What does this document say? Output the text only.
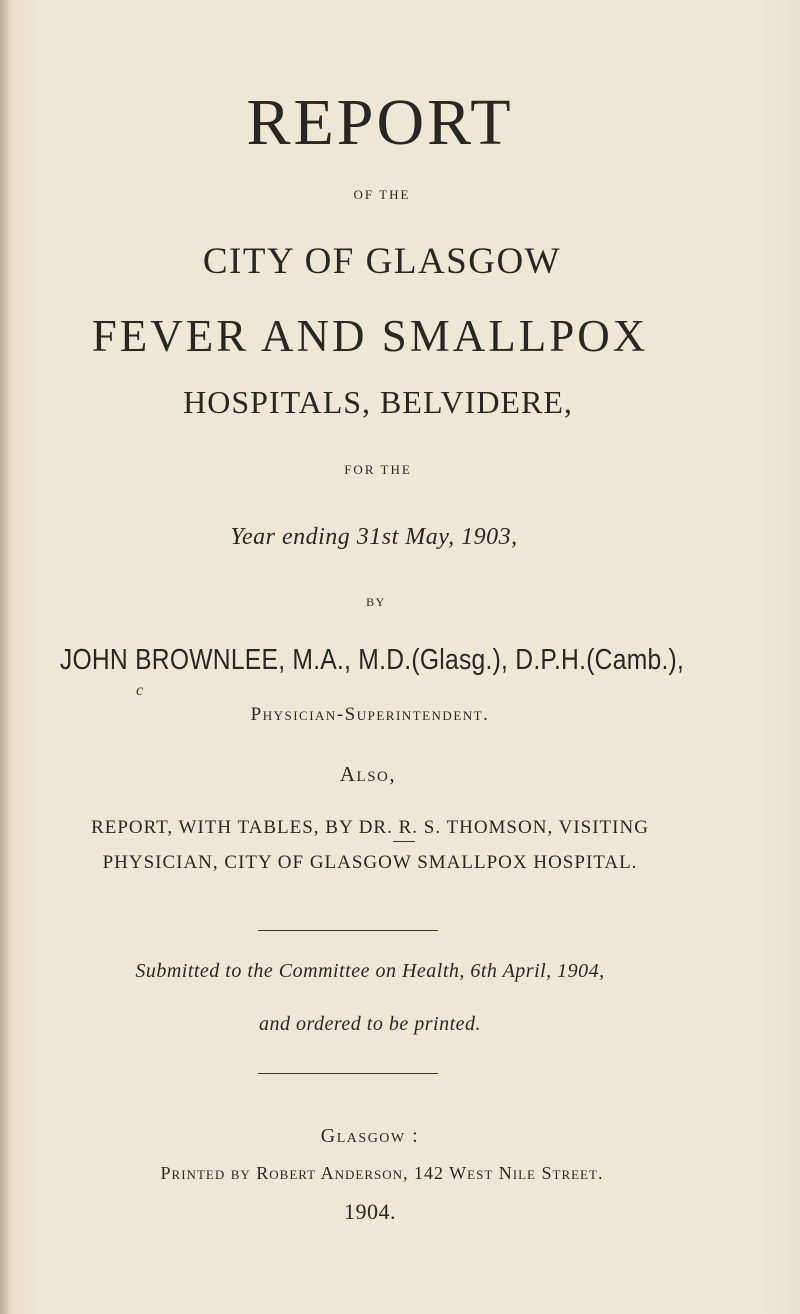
REPORT
OF THE
CITY OF GLASGOW
FEVER AND SMALLPOX
HOSPITALS, BELVIDERE,
FOR THE
Year ending 31st May, 1903,
BY
JOHN BROWNLEE, M.A., M.D.(Glasg.), D.P.H.(Camb.),
c
Physician-Superintendent.
Also,
REPORT, WITH TABLES, BY DR. R. S. THOMSON, VISITING
PHYSICIAN, CITY OF GLASGOW SMALLPOX HOSPITAL.
Submitted to the Committee on Health, 6th April, 1904,
and ordered to be printed.
Glasgow :
Printed by Robert Anderson, 142 West Nile Street.
1904.
